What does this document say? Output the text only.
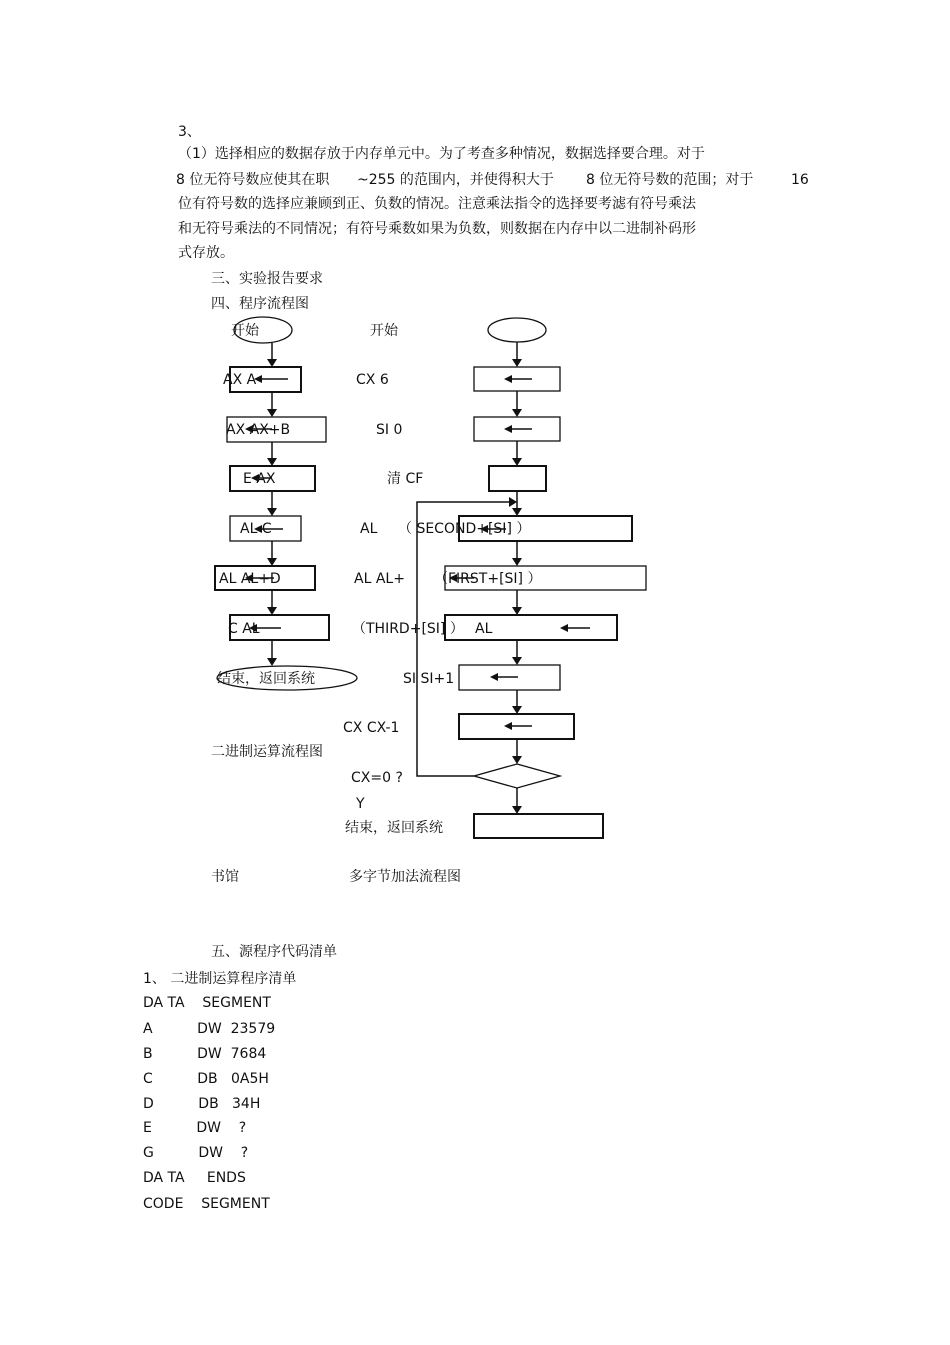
3、
（1）选择相应的数据存放于内存单元中。为了考查多种情况，数据选择要合理。对于
8 位无符号数应使其在职 ~255 的范围内，并使得积大于 8 位无符号数的范围；对于	16
位有符号数的选择应兼顾到正、负数的情况。注意乘法指令的选择要考滤有符号乘法
和无符号乘法的不同情况；有符号乘数如果为负数，则数据在内存中以二进制补码形
式存放。
三、实验报告要求
四、程序流程图
开始
AX A
AX AX+B
E AX
AL C
AL AL+D
C AL
结束，返回系统
二进制运算流程图
书馆
开始
CX 6
SI 0
清 CF
AL （ SECOND+[SI] ）
AL AL+ （FIRST+[SI] ）
（THIRD+[SI] ） AL
SI SI+1
CX CX-1
CX=0 ?
Y
结束，返回系统
多字节加法流程图
五、源程序代码清单
1、 二进制运算程序清单
DA TA    SEGMENT
A          DW  23579
B          DW  7684
C          DB   0A5H
D          DB   34H
E          DW    ?
G          DW    ?
DA TA     ENDS
CODE    SEGMENT
